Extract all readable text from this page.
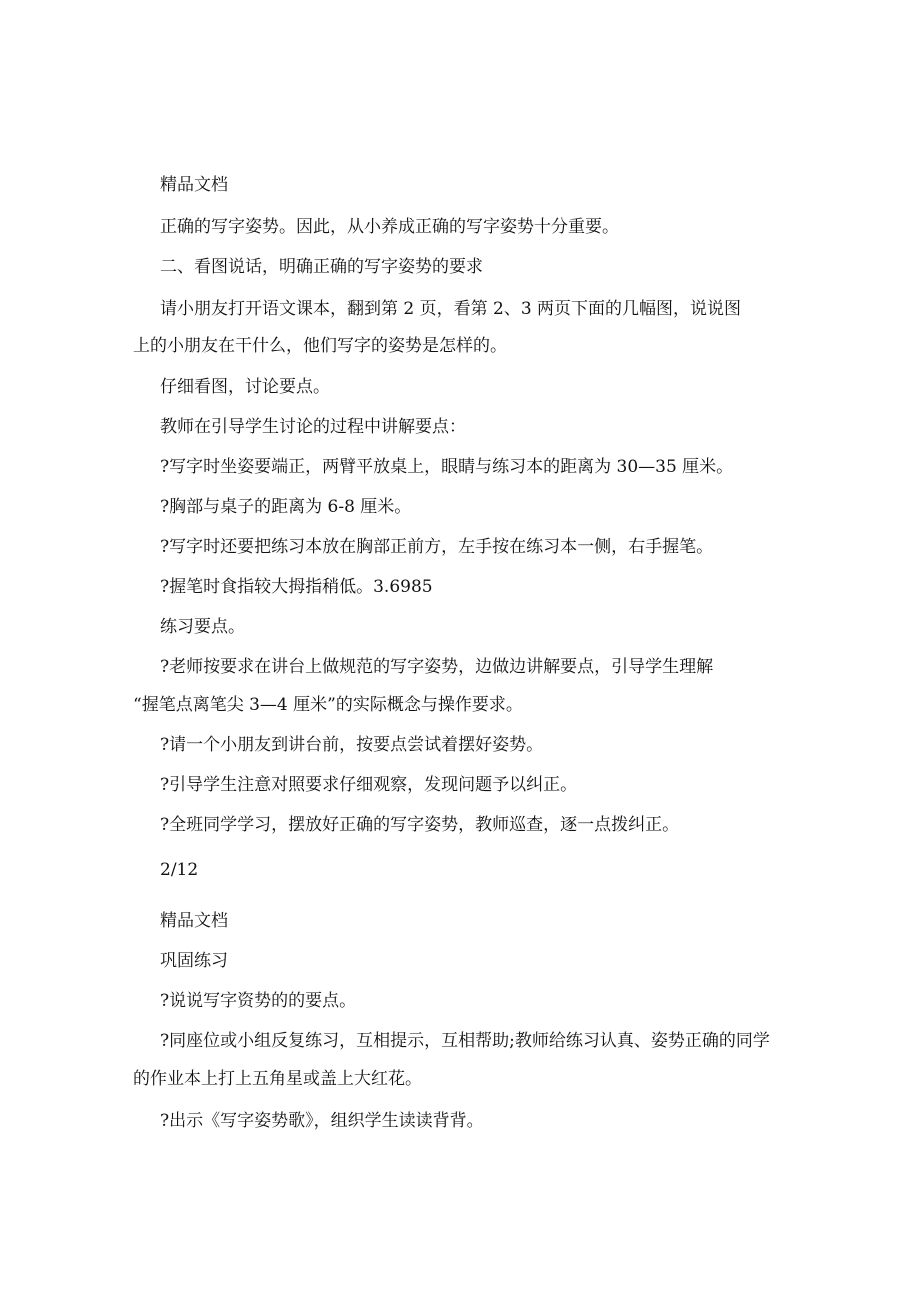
精品文档

正确的写字姿势。因此，从小养成正确的写字姿势十分重要。

二、看图说话，明确正确的写字姿势的要求

请小朋友打开语文课本，翻到第 2 页，看第 2、3 两页下面的几幅图，说说图

上的小朋友在干什么，他们写字的姿势是怎样的。

仔细看图，讨论要点。

教师在引导学生讨论的过程中讲解要点：

?写字时坐姿要端正，两臂平放桌上，眼睛与练习本的距离为 30—35 厘米。

?胸部与桌子的距离为 6-8 厘米。

?写字时还要把练习本放在胸部正前方，左手按在练习本一侧，右手握笔。

?握笔时食指较大拇指稍低。3.6985

练习要点。

?老师按要求在讲台上做规范的写字姿势，边做边讲解要点，引导学生理解

“握笔点离笔尖 3—4 厘米”的实际概念与操作要求。

?请一个小朋友到讲台前，按要点尝试着摆好姿势。

?引导学生注意对照要求仔细观察，发现问题予以纠正。

?全班同学学习，摆放好正确的写字姿势，教师巡查，逐一点拨纠正。

2/12

精品文档

巩固练习

?说说写字资势的的要点。

?同座位或小组反复练习，互相提示，互相帮助;教师给练习认真、姿势正确的同学

的作业本上打上五角星或盖上大红花。

?出示《写字姿势歌》，组织学生读读背背。
